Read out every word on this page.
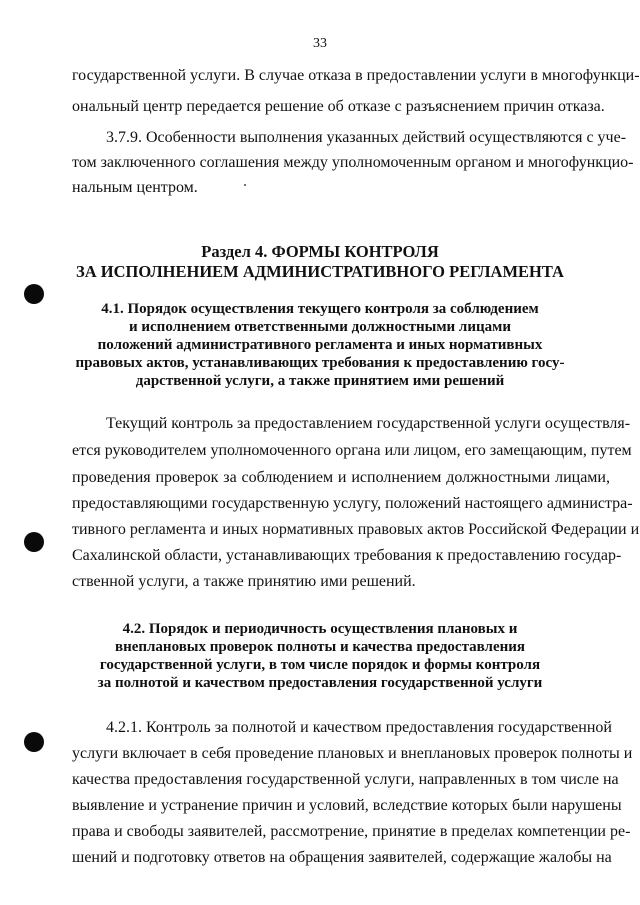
33
государственной услуги. В случае отказа в предоставлении услуги в многофункци-
ональный центр передается решение об отказе с разъяснением причин отказа.
3.7.9. Особенности выполнения указанных действий осуществляются с уче-
том заключенного соглашения между уполномоченным органом и многофункцио-
нальным центром.
Раздел 4. ФОРМЫ КОНТРОЛЯ
ЗА ИСПОЛНЕНИЕМ АДМИНИСТРАТИВНОГО РЕГЛАМЕНТА
4.1. Порядок осуществления текущего контроля за соблюдением
и исполнением ответственными должностными лицами
положений административного регламента и иных нормативных
правовых актов, устанавливающих требования к предоставлению госу-
дарственной услуги, а также принятием ими решений
Текущий контроль за предоставлением государственной услуги осуществля-
ется руководителем уполномоченного органа или лицом, его замещающим, путем
проведения проверок за соблюдением и исполнением должностными лицами,
предоставляющими государственную услугу, положений настоящего администра-
тивного регламента и иных нормативных правовых актов Российской Федерации и
Сахалинской области, устанавливающих требования к предоставлению государ-
ственной услуги, а также принятию ими решений.
4.2. Порядок и периодичность осуществления плановых и
внеплановых проверок полноты и качества предоставления
государственной услуги, в том числе порядок и формы контроля
за полнотой и качеством предоставления государственной услуги
4.2.1. Контроль за полнотой и качеством предоставления государственной
услуги включает в себя проведение плановых и внеплановых проверок полноты и
качества предоставления государственной услуги, направленных в том числе на
выявление и устранение причин и условий, вследствие которых были нарушены
права и свободы заявителей, рассмотрение, принятие в пределах компетенции ре-
шений и подготовку ответов на обращения заявителей, содержащие жалобы на
